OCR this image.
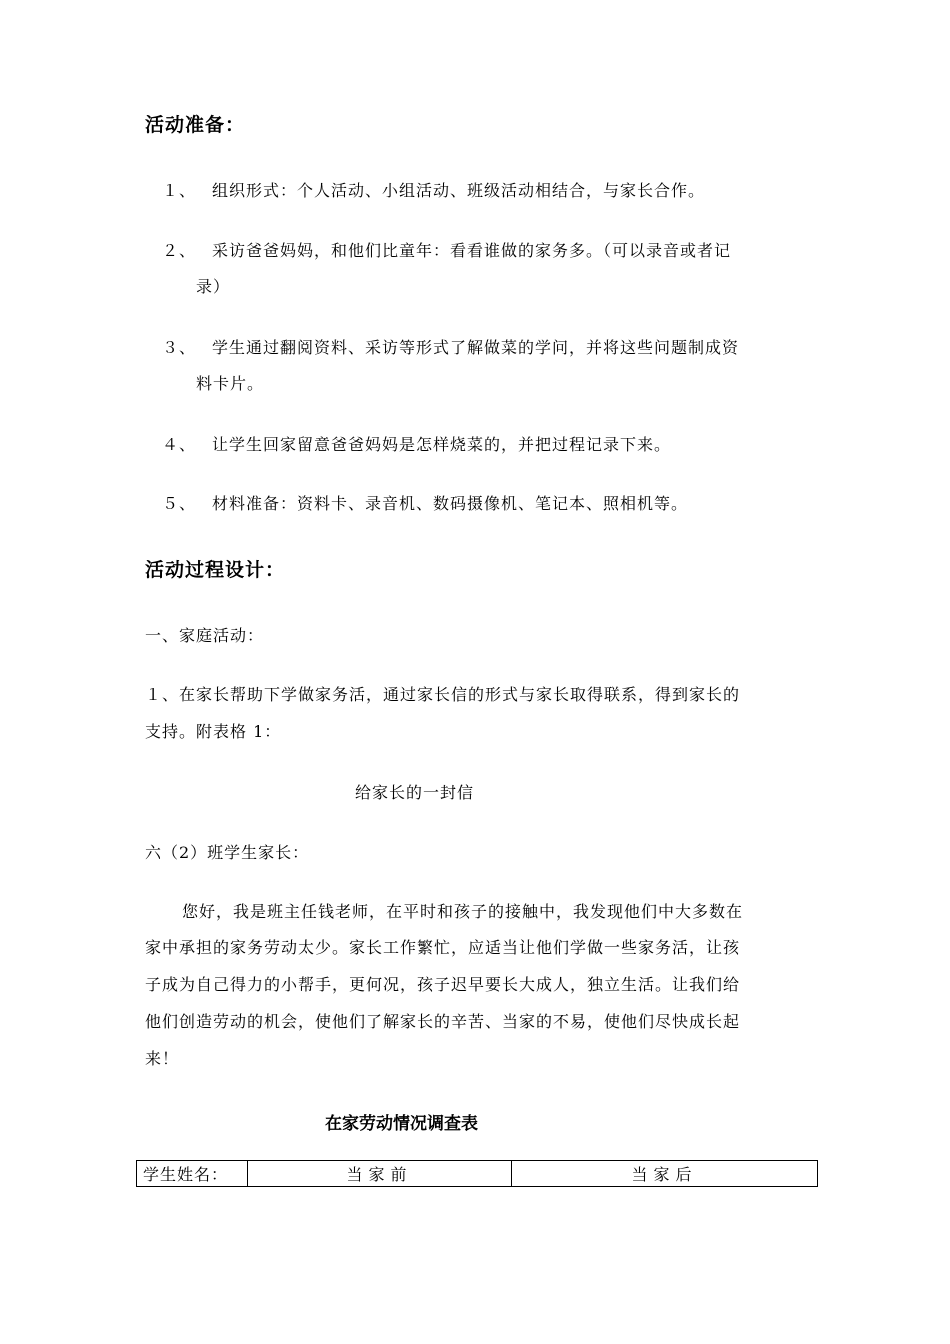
活动准备：
１、 组织形式：个人活动、小组活动、班级活动相结合，与家长合作。
２、 采访爸爸妈妈，和他们比童年：看看谁做的家务多。（可以录音或者记
录）
３、 学生通过翻阅资料、采访等形式了解做菜的学问，并将这些问题制成资
料卡片。
４、 让学生回家留意爸爸妈妈是怎样烧菜的，并把过程记录下来。
５、 材料准备：资料卡、录音机、数码摄像机、笔记本、照相机等。
活动过程设计：
一、家庭活动：
１、在家长帮助下学做家务活，通过家长信的形式与家长取得联系，得到家长的
支持。附表格 1：
给家长的一封信
六（2）班学生家长：
您好，我是班主任钱老师，在平时和孩子的接触中，我发现他们中大多数在
家中承担的家务劳动太少。家长工作繁忙，应适当让他们学做一些家务活，让孩
子成为自己得力的小帮手，更何况，孩子迟早要长大成人，独立生活。让我们给
他们创造劳动的机会，使他们了解家长的辛苦、当家的不易，使他们尽快成长起
来！
在家劳动情况调查表
学生姓名：	当家前	当家后
